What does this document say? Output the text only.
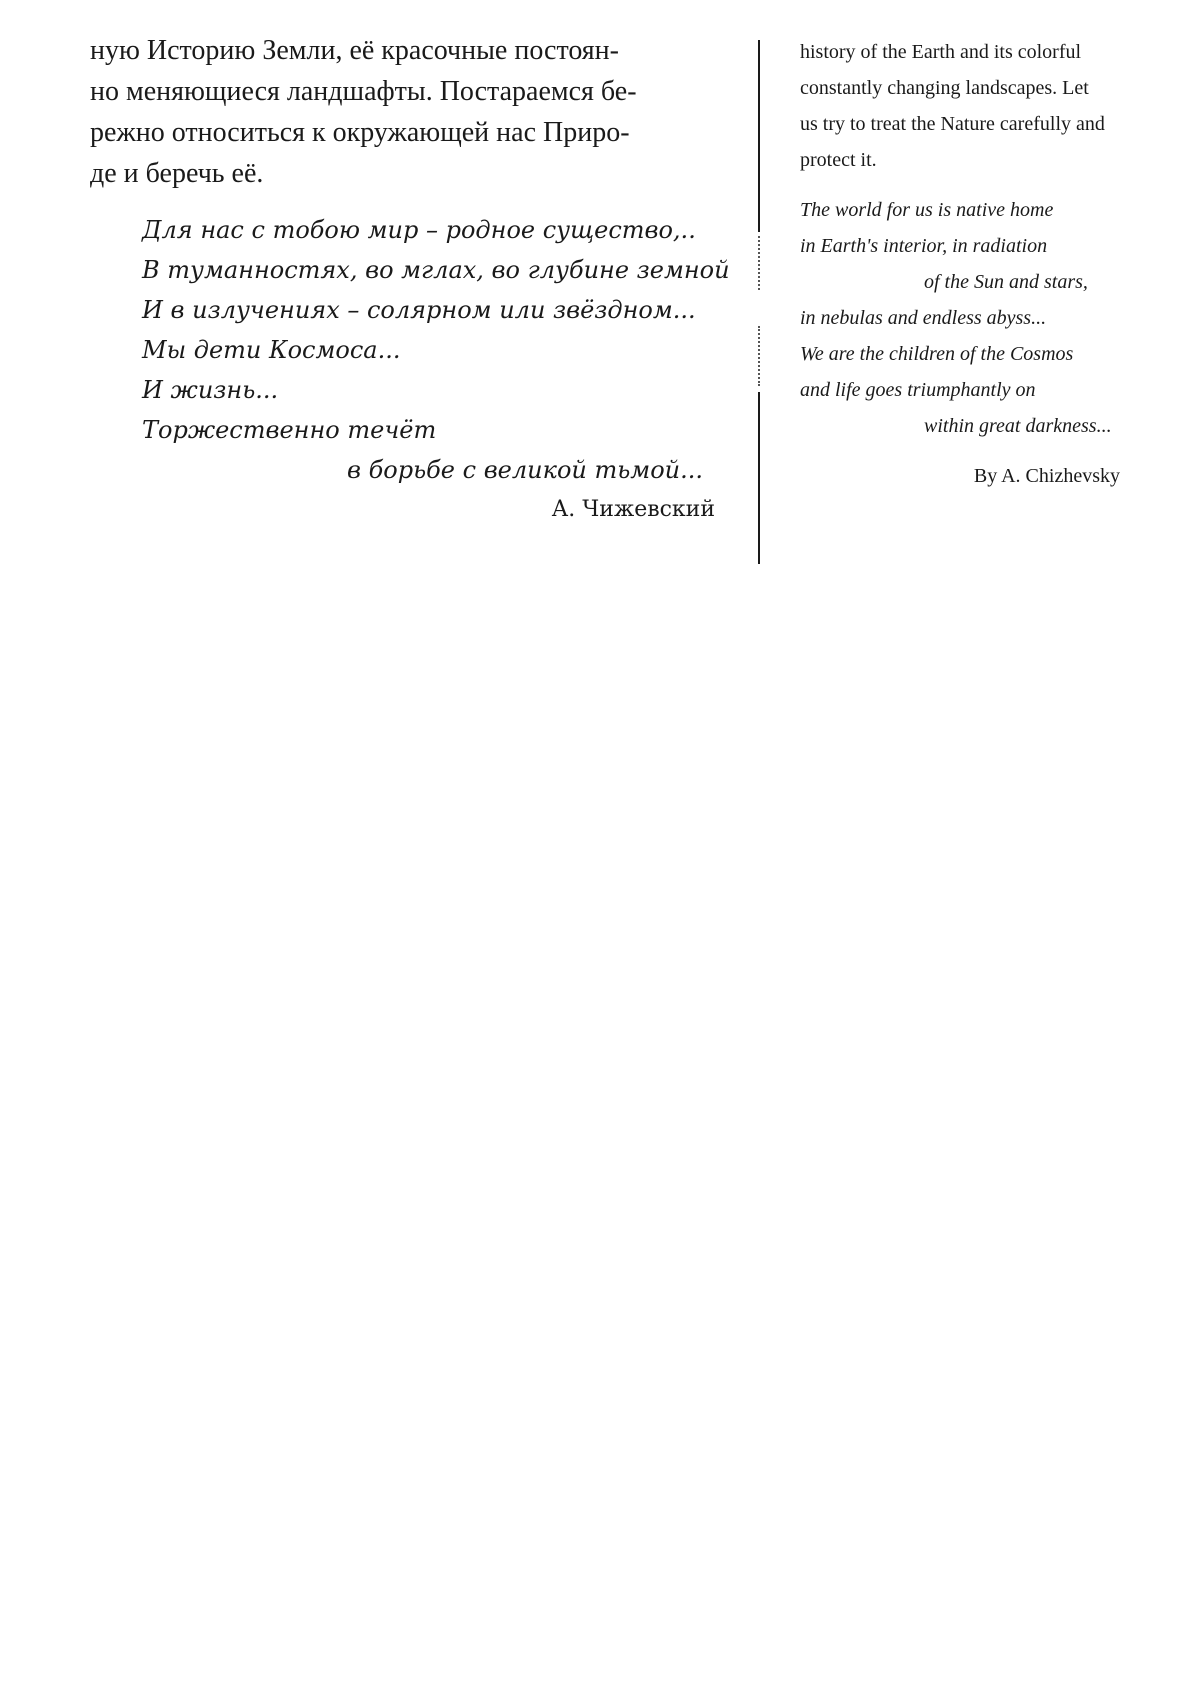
ную Историю Земли, её красочные постоян-

но меняющиеся ландшафты. Постараемся бе-

режно относиться к окружающей нас Приро-

де и беречь её.

Для нас с тобою мир – родное существо,..
В туманностях, во мглах, во глубине земной
И в излучениях – солярном или звёздном...
Мы дети Космоса...
И жизнь...
Торжественно течёт
в борьбе с великой тьмой...
А. Чижевский

history of the Earth and its colorful

constantly changing landscapes. Let

us try to treat the Nature carefully and

protect it.

The world for us is native home
in Earth's interior, in radiation
of the Sun and stars,
in nebulas and endless abyss...
We are the children of the Cosmos
and life goes triumphantly on
within great darkness...
By A. Chizhevsky
